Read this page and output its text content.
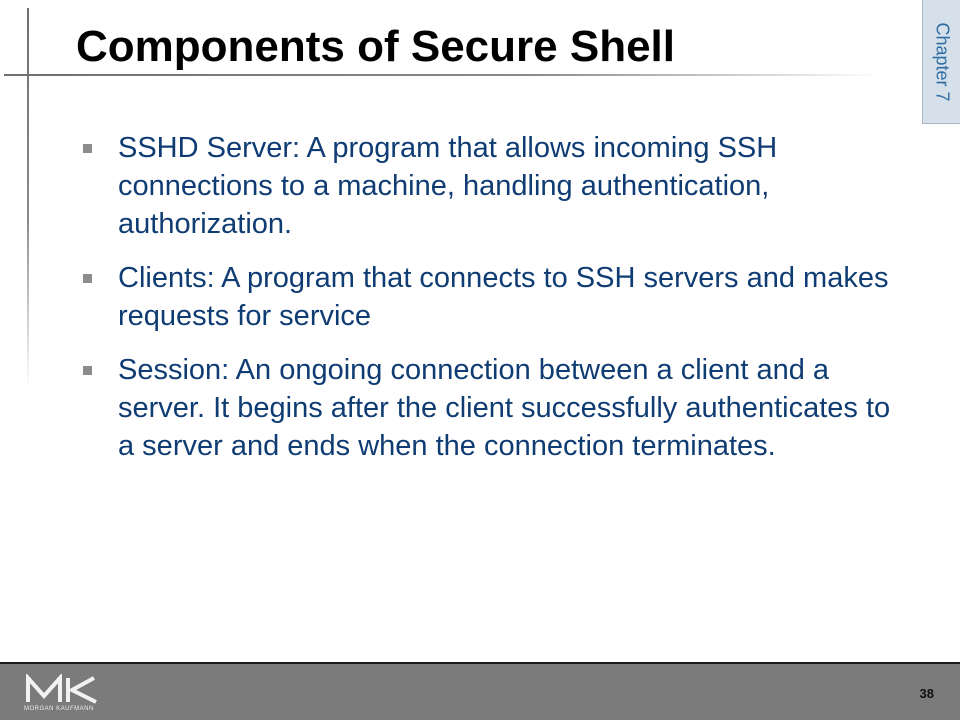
Components of Secure Shell	Chapter 7
SSHD Server: A program that allows incoming SSH connections to a machine, handling authentication, authorization.
Clients: A program that connects to SSH servers and makes requests for service
Session: An ongoing connection between a client and a server. It begins after the client successfully authenticates to a server and ends when the connection terminates.
MORGAN KAUFMANN
38
